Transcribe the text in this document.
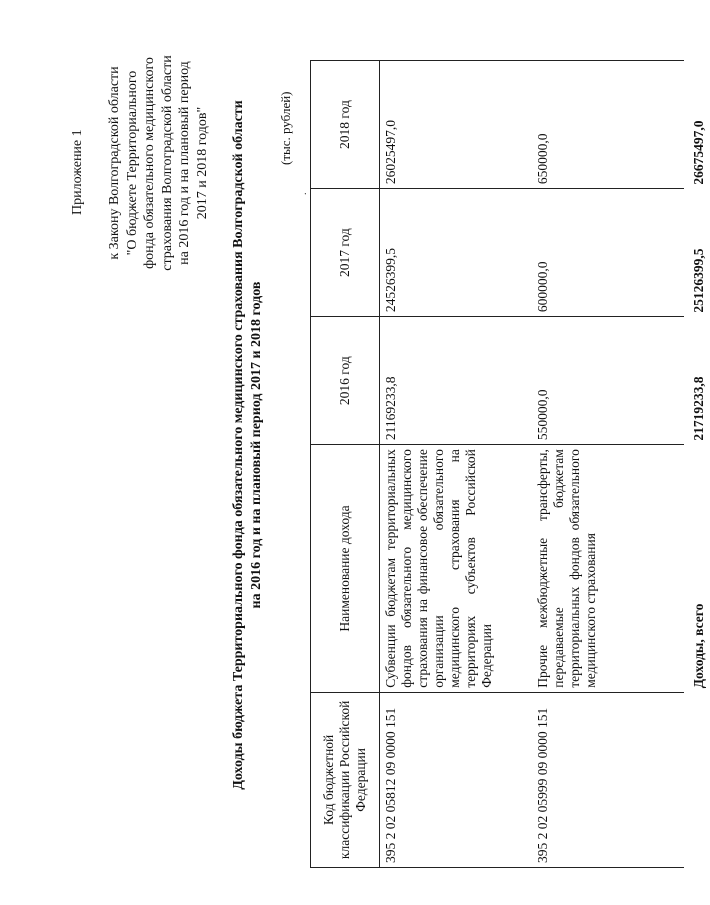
Приложение 1 к Закону Волгоградской области "О бюджете Территориального фонда обязательного медицинского страхования Волгоградской области на 2016 год и на плановый период 2017 и 2018 годов" Доходы бюджета Территориального фонда обязательного медицинского страхования Волгоградской области на 2016 год и на плановый период 2017 и 2018 годов
(тыс. рублей)
.
Код бюджетной классификации Российской Федерации	Наименование дохода	2016 год	2017 год	2018 год
395 2 02 05812 09 0000 151	Субвенции бюджетам территориальных фондов обязательного медицинского страхования на финансовое обеспечение организации обязательного медицинского страхования на территориях субъектов Российской Федерации	21169233,8	24526399,5	26025497,0
395 2 02 05999 09 0000 151	Прочие межбюджетные трансферты, передаваемые бюджетам территориальных фондов обязательного медицинского страхования	550000,0	600000,0	650000,0
	Доходы, всего	21719233,8	25126399,5	26675497,0
